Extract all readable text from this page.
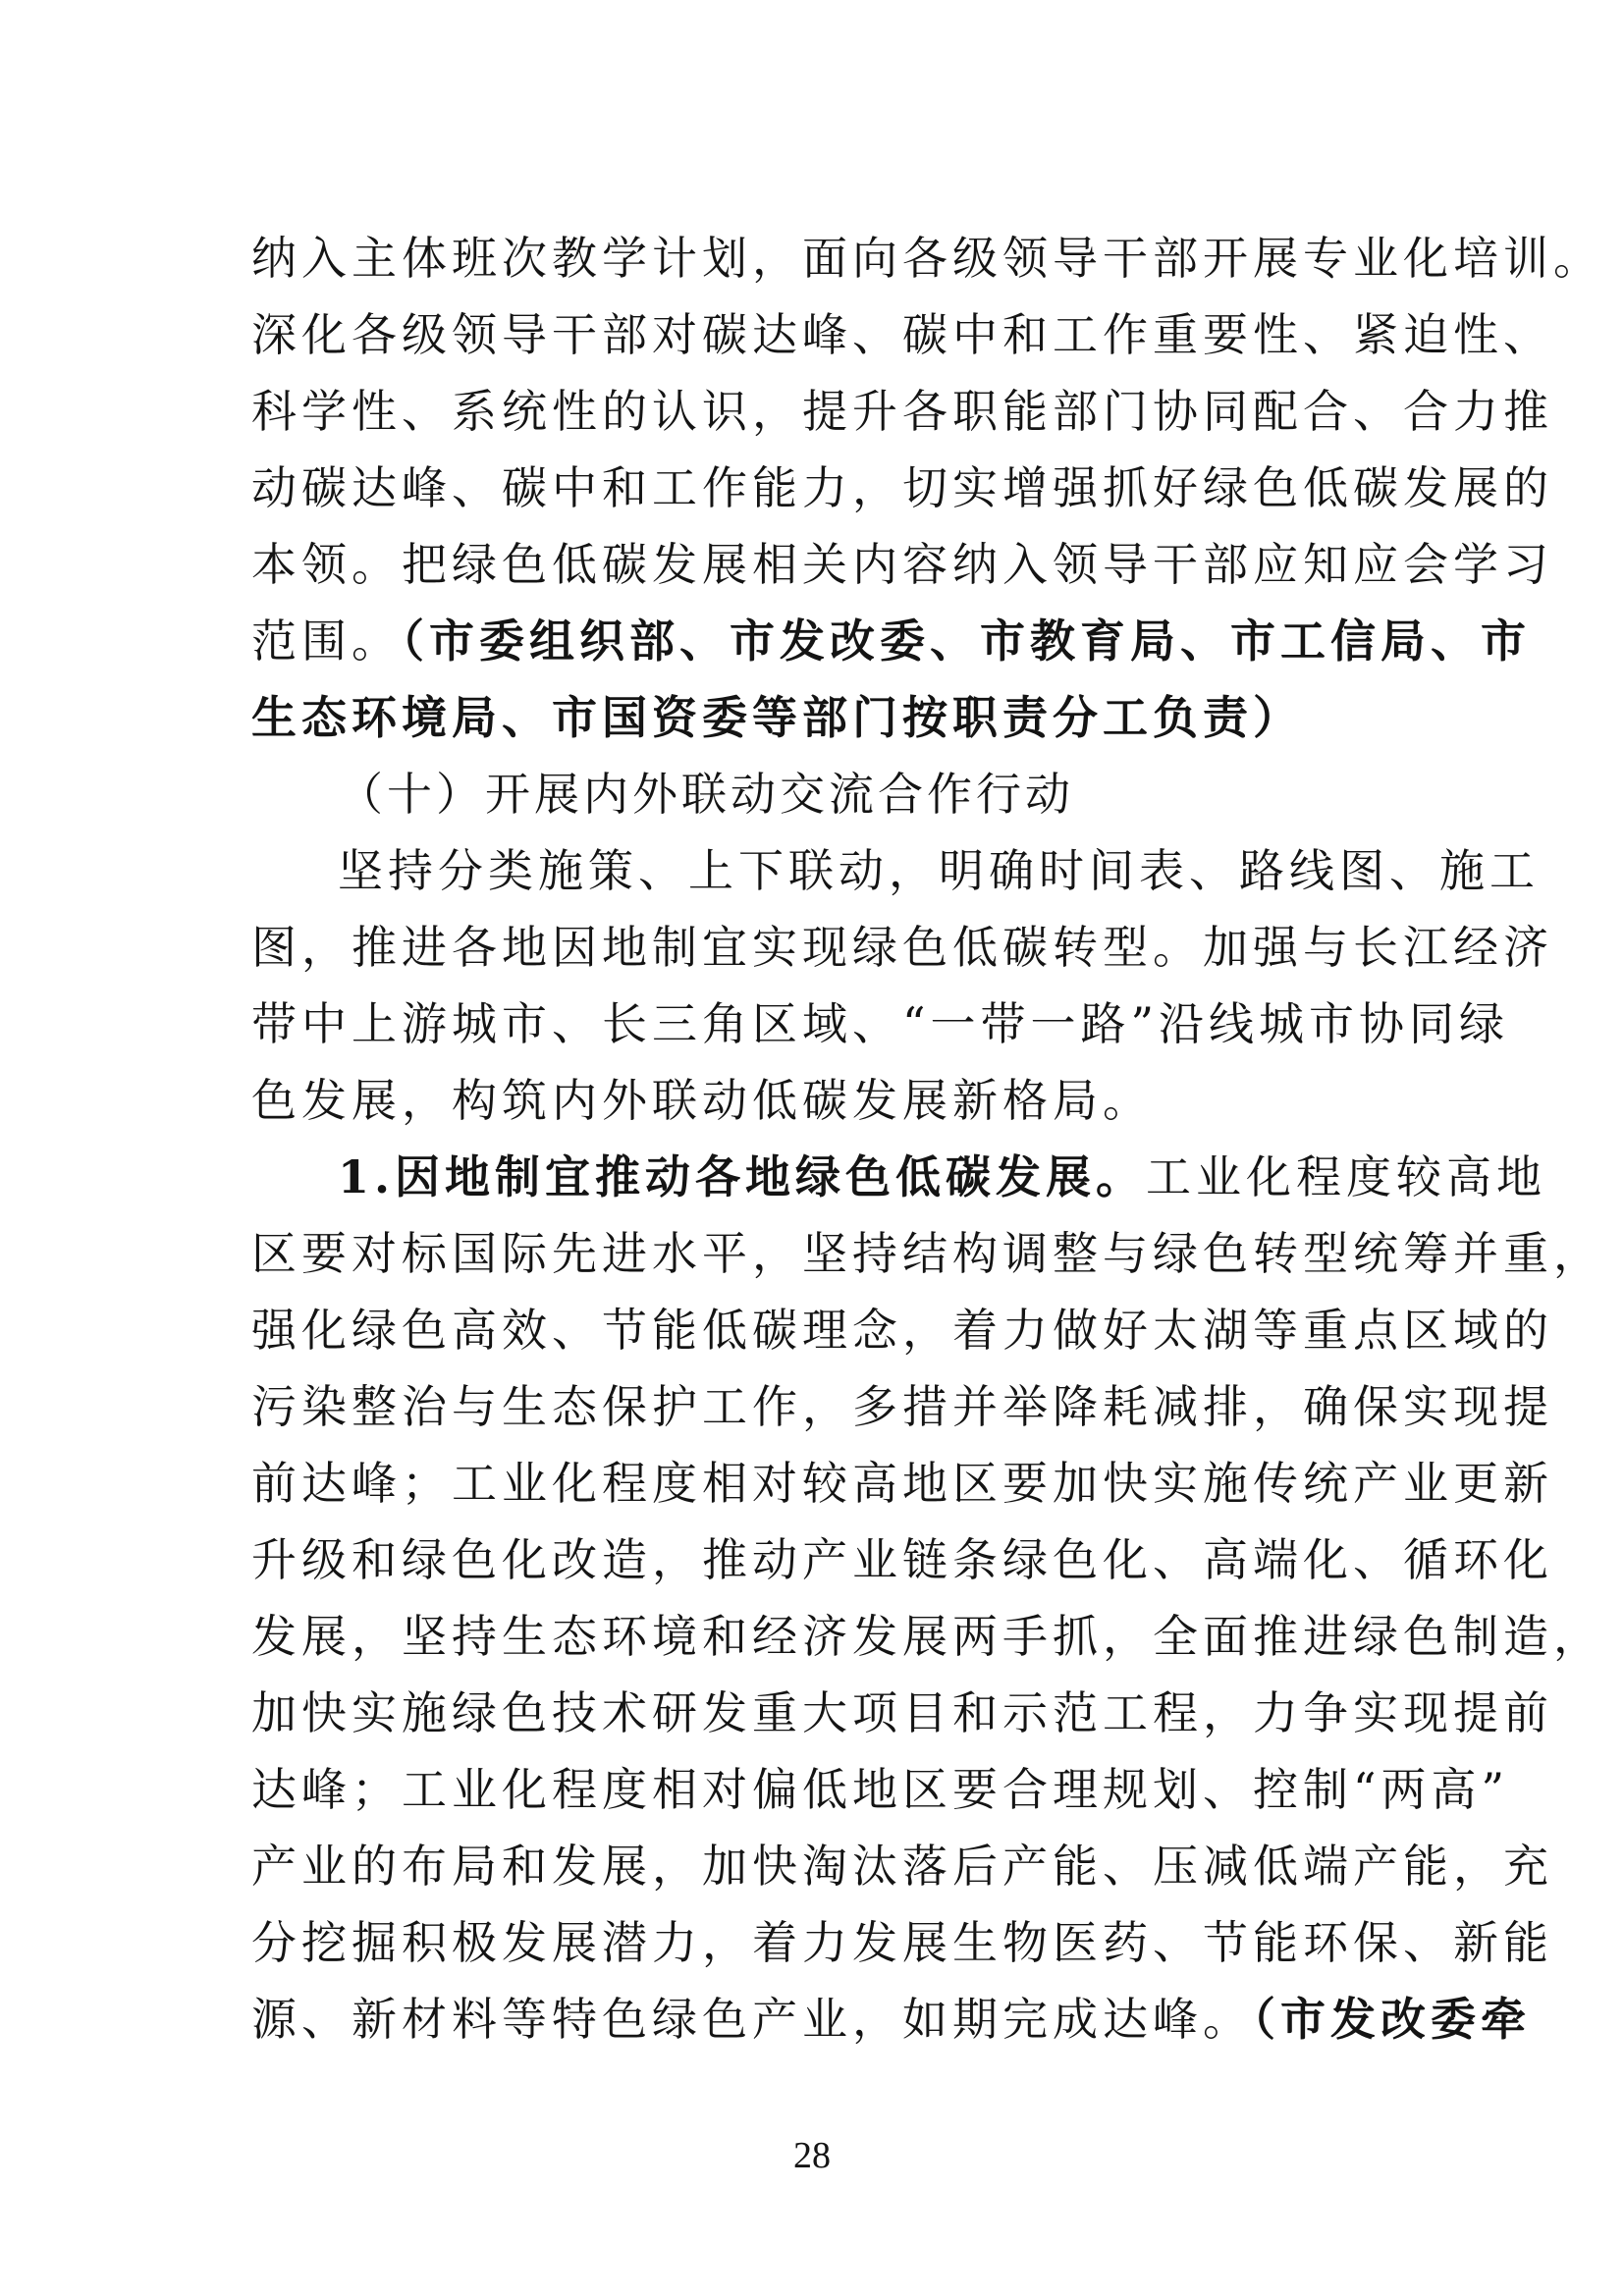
纳入主体班次教学计划，面向各级领导干部开展专业化培训。
深化各级领导干部对碳达峰、碳中和工作重要性、紧迫性、
科学性、系统性的认识，提升各职能部门协同配合、合力推
动碳达峰、碳中和工作能力，切实增强抓好绿色低碳发展的
本领。把绿色低碳发展相关内容纳入领导干部应知应会学习
范围。（市委组织部、市发改委、市教育局、市工信局、市
生态环境局、市国资委等部门按职责分工负责）
（十）开展内外联动交流合作行动
坚持分类施策、上下联动，明确时间表、路线图、施工
图，推进各地因地制宜实现绿色低碳转型。加强与长江经济
带中上游城市、长三角区域、“一带一路”沿线城市协同绿
色发展，构筑内外联动低碳发展新格局。
1.因地制宜推动各地绿色低碳发展。工业化程度较高地
区要对标国际先进水平，坚持结构调整与绿色转型统筹并重，
强化绿色高效、节能低碳理念，着力做好太湖等重点区域的
污染整治与生态保护工作，多措并举降耗减排，确保实现提
前达峰；工业化程度相对较高地区要加快实施传统产业更新
升级和绿色化改造，推动产业链条绿色化、高端化、循环化
发展，坚持生态环境和经济发展两手抓，全面推进绿色制造，
加快实施绿色技术研发重大项目和示范工程，力争实现提前
达峰；工业化程度相对偏低地区要合理规划、控制“两高”
产业的布局和发展，加快淘汰落后产能、压减低端产能，充
分挖掘积极发展潜力，着力发展生物医药、节能环保、新能
源、新材料等特色绿色产业，如期完成达峰。（市发改委牵
28
